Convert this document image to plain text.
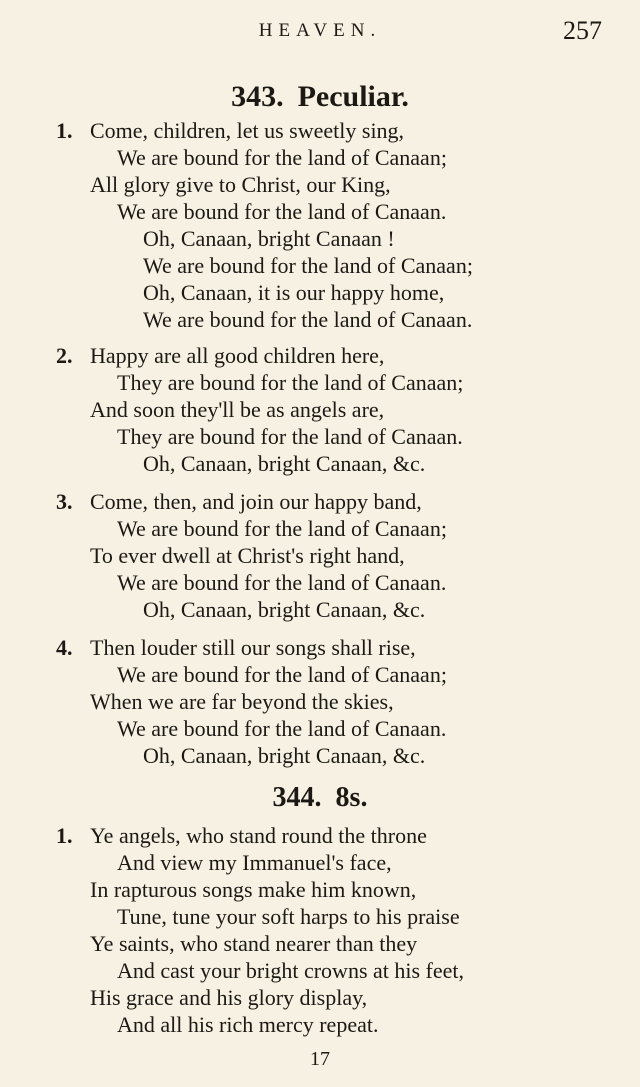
HEAVEN.	257
343. Peculiar.
1. Come, children, let us sweetly sing,
We are bound for the land of Canaan;
All glory give to Christ, our King,
We are bound for the land of Canaan.
Oh, Canaan, bright Canaan !
We are bound for the land of Canaan;
Oh, Canaan, it is our happy home,
We are bound for the land of Canaan.
2. Happy are all good children here,
They are bound for the land of Canaan;
And soon they'll be as angels are,
They are bound for the land of Canaan.
Oh, Canaan, bright Canaan, &c.
3. Come, then, and join our happy band,
We are bound for the land of Canaan;
To ever dwell at Christ's right hand,
We are bound for the land of Canaan.
Oh, Canaan, bright Canaan, &c.
4. Then louder still our songs shall rise,
We are bound for the land of Canaan;
When we are far beyond the skies,
We are bound for the land of Canaan.
Oh, Canaan, bright Canaan, &c.
344. 8s.
1. Ye angels, who stand round the throne
And view my Immanuel's face,
In rapturous songs make him known,
Tune, tune your soft harps to his praise
Ye saints, who stand nearer than they
And cast your bright crowns at his feet,
His grace and his glory display,
And all his rich mercy repeat.
17
